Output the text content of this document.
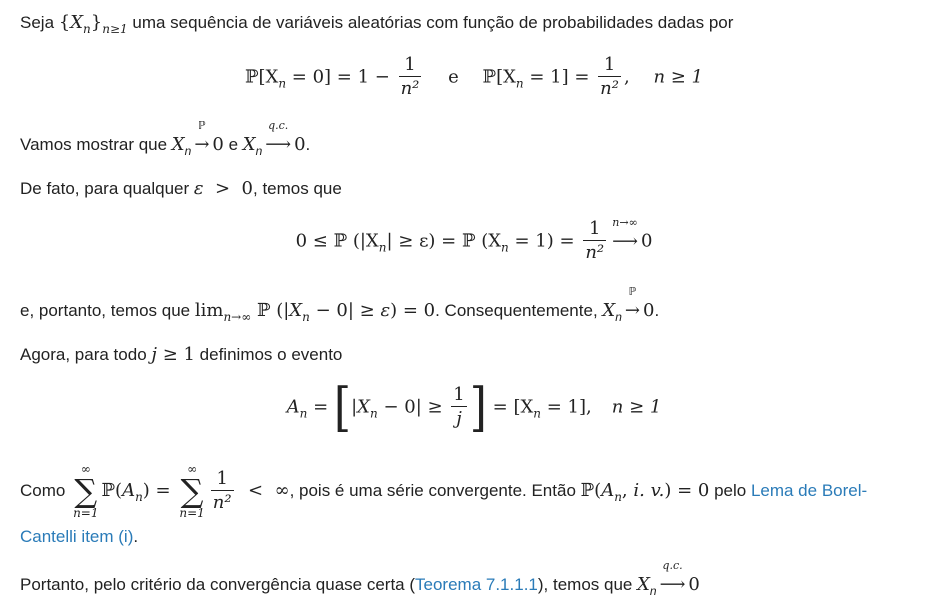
Seja $\{X_n\}_{n\ge 1}$ uma sequência de variáveis aleatórias com função de probabilidades dadas por
$ℙ[X_n = 0] = 1 - \frac{1}{\text{n²}}$ e $ℙ[X_n = 1] = \frac{1}{\text{n²}}$ , n ≥ 1
Vamos mostrar que $X_n$
ℙ
→ 0 e $X_n$
q.c.
⟶ 0.
De fato, para qualquer ε  >  0, temos que
0 ≤ ℙ $(|X_n| \ge \varepsilon)$ = ℙ $(X_n = 1) = \frac{1}{\text{n²}} n\to\infty$
⟶ 0
e, portanto, temos que $\lim_{n\to\infty}$ ℙ $(|X_n - 0| \ge \varepsilon) = 0$. Consequentemente, $X_n$
ℙ
→ 0.
Agora, para todo j ≥ 1 definimos o evento
$A_n = [|X_n - 0| \ge \frac{1}{j}$ ] = $[X_n = 1]$, n ≥ 1
Como
∞
∑
n=1
$ℙ(A_n)$ =
∞
∑
$n=1 \frac{1}{\text{n²}}$ <  ∞, pois é uma série convergente. Então $ℙ(A_n$, i. v.) = 0 pelo Lema de Borel-
Cantelli item (i).
Portanto, pelo critério da convergência quase certa (Teorema 7.1.1.1), temos que $X_n$
q.c.
⟶ 0
